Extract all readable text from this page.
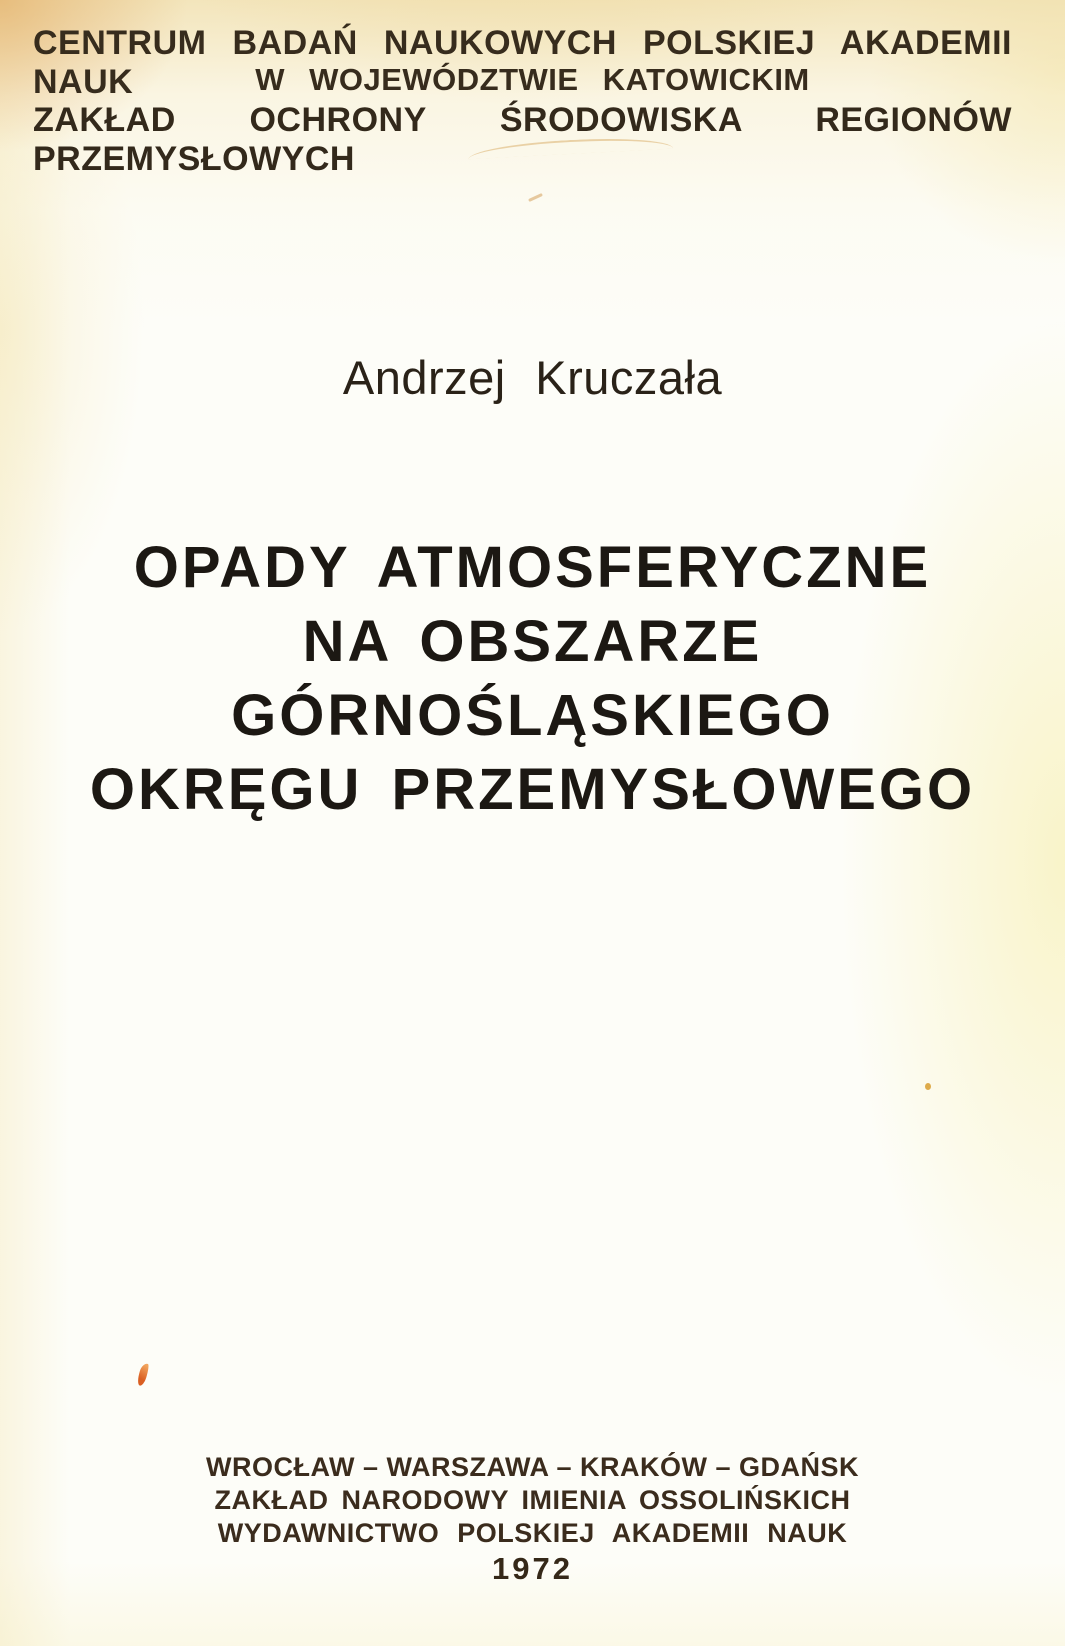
CENTRUM BADAŃ NAUKOWYCH POLSKIEJ AKADEMII NAUK	W WOJEWÓDZTWIE KATOWICKIM
ZAKŁAD OCHRONY ŚRODOWISKA REGIONÓW PRZEMYSŁOWYCH
Andrzej Kruczała
OPADY ATMOSFERYCZNE
NA OBSZARZE GÓRNOŚLĄSKIEGO
OKRĘGU PRZEMYSŁOWEGO
WROCŁAW – WARSZAWA – KRAKÓW – GDAŃSK
ZAKŁAD NARODOWY IMIENIA OSSOLIŃSKICH
WYDAWNICTWO POLSKIEJ AKADEMII NAUK
1972
